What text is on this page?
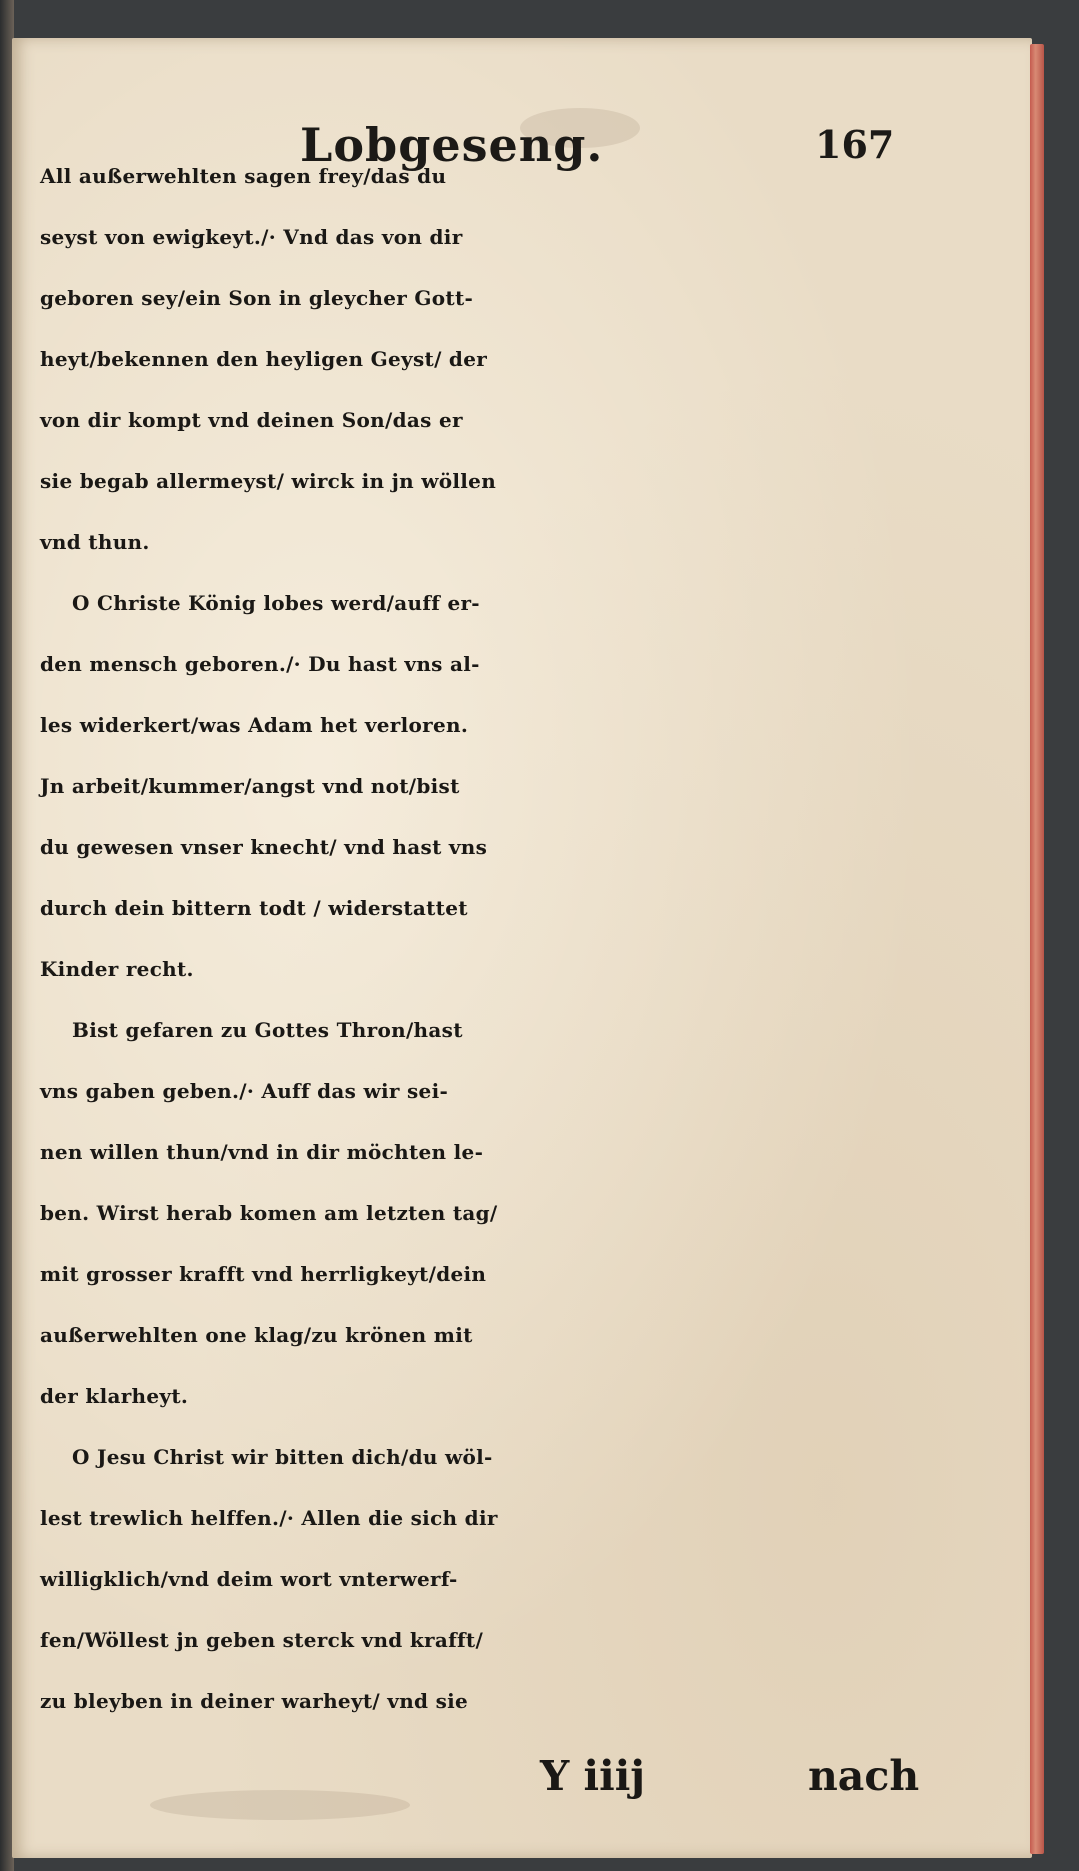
Lobgeseng.	167
All außerwehlten sagen frey/das du
seyst von ewigkeyt./· Vnd das von dir
geboren sey/ein Son in gleycher Gott-
heyt/bekennen den heyligen Geyst/ der
von dir kompt vnd deinen Son/das er
sie begab allermeyst/ wirck in jn wöllen
vnd thun.
O Christe König lobes werd/auff er-
den mensch geboren./· Du hast vns al-
les widerkert/was Adam het verloren.
Jn arbeit/kummer/angst vnd not/bist
du gewesen vnser knecht/ vnd hast vns
durch dein bittern todt / widerstattet
Kinder recht.
Bist gefaren zu Gottes Thron/hast
vns gaben geben./· Auff das wir sei-
nen willen thun/vnd in dir möchten le-
ben. Wirst herab komen am letzten tag/
mit grosser krafft vnd herrligkeyt/dein
außerwehlten one klag/zu krönen mit
der klarheyt.
O Jesu Christ wir bitten dich/du wöl-
lest trewlich helffen./· Allen die sich dir
willigklich/vnd deim wort vnterwerf-
fen/Wöllest jn geben sterck vnd krafft/
zu bleyben in deiner warheyt/ vnd sie
Y iiij	nach
